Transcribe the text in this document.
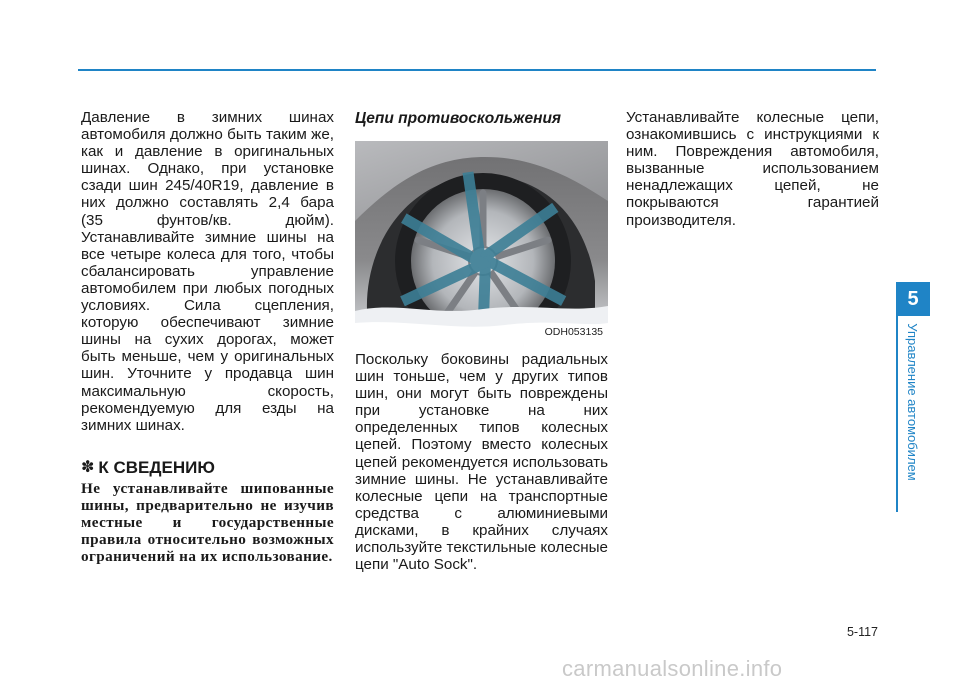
Давление в зимних шинах автомобиля должно быть таким же, как и давление в оригинальных шинах. Однако, при установке сзади шин 245/40R19, давление в них должно составлять 2,4 бара (35 фунтов/кв. дюйм). Устанавливайте зимние шины на все четыре колеса для того, чтобы сбалансировать управление автомобилем при любых погодных условиях. Сила сцепления, которую обеспечивают зимние шины на сухих дорогах, может быть меньше, чем у оригинальных шин. Уточните у продавца шин максимальную скорость, рекомендуемую для езды на зимних шинах.

✽ К СВЕДЕНИЮ

Не устанавливайте шипованные шины, предварительно не изучив местные и государственные правила относительно возможных ограничений на их использование.

Цепи противоскольжения
ODH053135

Поскольку боковины радиальных шин тоньше, чем у других типов шин, они могут быть повреждены при установке на них определенных типов колесных цепей. Поэтому вместо колесных цепей рекомендуется использовать зимние шины. Не устанавливайте колесные цепи на транспортные средства с алюминиевыми дисками, в крайних случаях используйте текстильные колесные цепи "Auto Sock".

Устанавливайте колесные цепи, ознакомившись с инструкциями к ним. Повреждения автомобиля, вызванные использованием ненадлежащих цепей, не покрываются гарантией производителя.

5
Управление автомобилем
5-117
carmanualsonline.info
